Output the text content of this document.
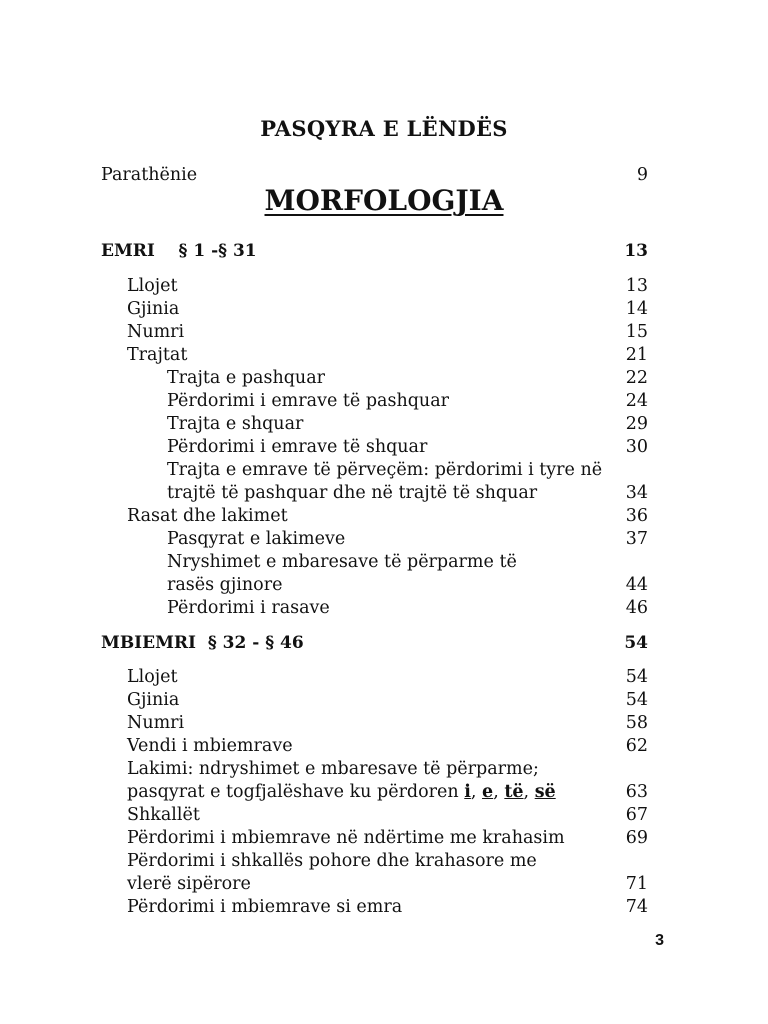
PASQYRA E LËNDËS
Parathënie	9
MORFOLOGJIA
EMRI    § 1 -§ 31	13
Llojet	13
Gjinia	14
Numri	15
Trajtat	21
Trajta e pashquar	22
Përdorimi i emrave të pashquar	24
Trajta e shquar	29
Përdorimi i emrave të shquar	30
Trajta e emrave të përveçëm: përdorimi i tyre në
trajtë të pashquar dhe në trajtë të shquar	34
Rasat dhe lakimet	36
Pasqyrat e lakimeve	37
Nryshimet e mbaresave të përparme të
rasës gjinore	44
Përdorimi i rasave	46
MBIEMRI  § 32 - § 46	54
Llojet	54
Gjinia	54
Numri	58
Vendi i mbiemrave	62
Lakimi: ndryshimet e mbaresave të përparme;
pasqyrat e togfjalëshave ku përdoren i, e, të, së	63
Shkallët	67
Përdorimi i mbiemrave në ndërtime me krahasim	69
Përdorimi i shkallës pohore dhe krahasore me
vlerë sipërore	71
Përdorimi i mbiemrave si emra	74
3
